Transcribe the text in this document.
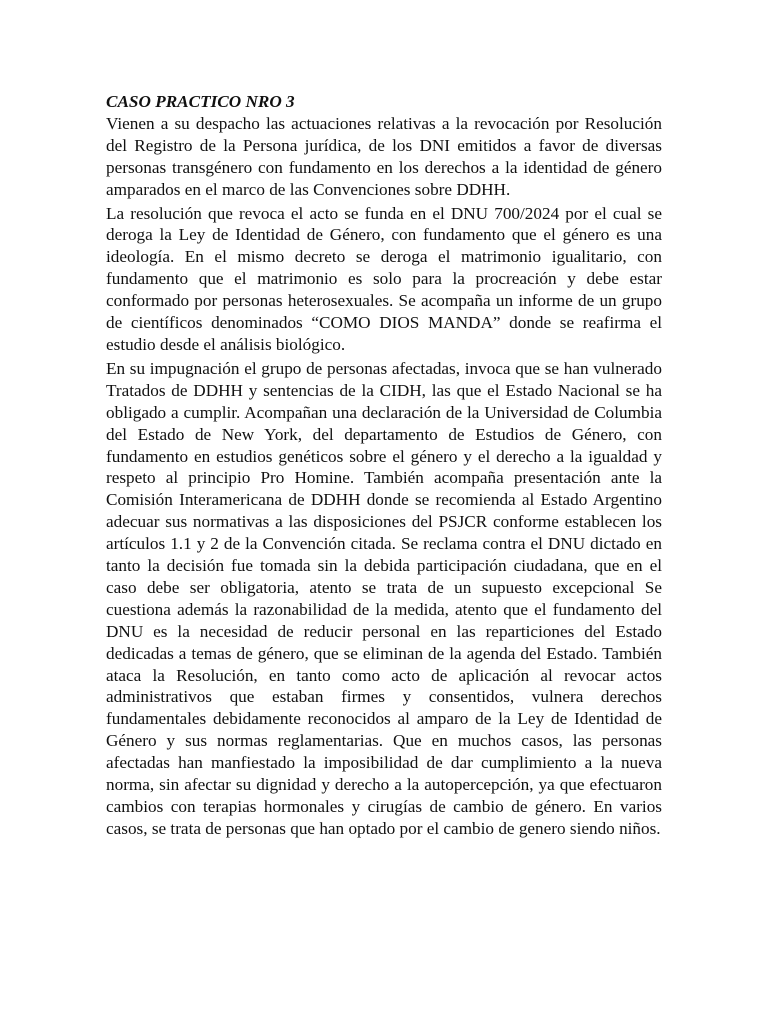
CASO PRACTICO NRO 3

Vienen a su despacho las actuaciones relativas a la revocación por Resolución del Registro de la Persona jurídica, de los DNI emitidos a favor de diversas personas transgénero con fundamento en los derechos a la identidad de género amparados en el marco de las Convenciones sobre DDHH.

La resolución que revoca el acto se funda en el DNU 700/2024 por el cual se deroga la Ley de Identidad de Género, con fundamento que el género es una ideología. En el mismo decreto se deroga el matrimonio igualitario, con fundamento que el matrimonio es solo para la procreación y debe estar conformado por personas heterosexuales. Se acompaña un informe de un grupo de científicos denominados “COMO DIOS MANDA” donde se reafirma el estudio desde el análisis biológico.

En su impugnación el grupo de personas afectadas, invoca que se han vulnerado Tratados de DDHH y sentencias de la CIDH, las que el Estado Nacional se ha obligado a cumplir. Acompañan una declaración de la Universidad de Columbia del Estado de New York, del departamento de Estudios de Género, con fundamento en estudios genéticos sobre el género y el derecho a la igualdad y respeto al principio Pro Homine. También acompaña presentación ante la Comisión Interamericana de DDHH donde se recomienda al Estado Argentino adecuar sus normativas a las disposiciones del PSJCR conforme establecen los artículos 1.1 y 2 de la Convención citada. Se reclama contra el DNU dictado en tanto la decisión fue tomada sin la debida participación ciudadana, que en el caso debe ser obligatoria, atento se trata de un supuesto excepcional Se cuestiona además la razonabilidad de la medida, atento que el fundamento del DNU es la necesidad de reducir personal en las reparticiones del Estado dedicadas a temas de género, que se eliminan de la agenda del Estado. También ataca la Resolución, en tanto como acto de aplicación al revocar actos administrativos que estaban firmes y consentidos, vulnera derechos fundamentales debidamente reconocidos al amparo de la Ley de Identidad de Género y sus normas reglamentarias. Que en muchos casos, las personas afectadas han manfiestado la imposibilidad de dar cumplimiento a la nueva norma, sin afectar su dignidad y derecho a la autopercepción, ya que efectuaron cambios con terapias hormonales y cirugías de cambio de género. En varios casos, se trata de personas que han optado por el cambio de genero siendo niños.
